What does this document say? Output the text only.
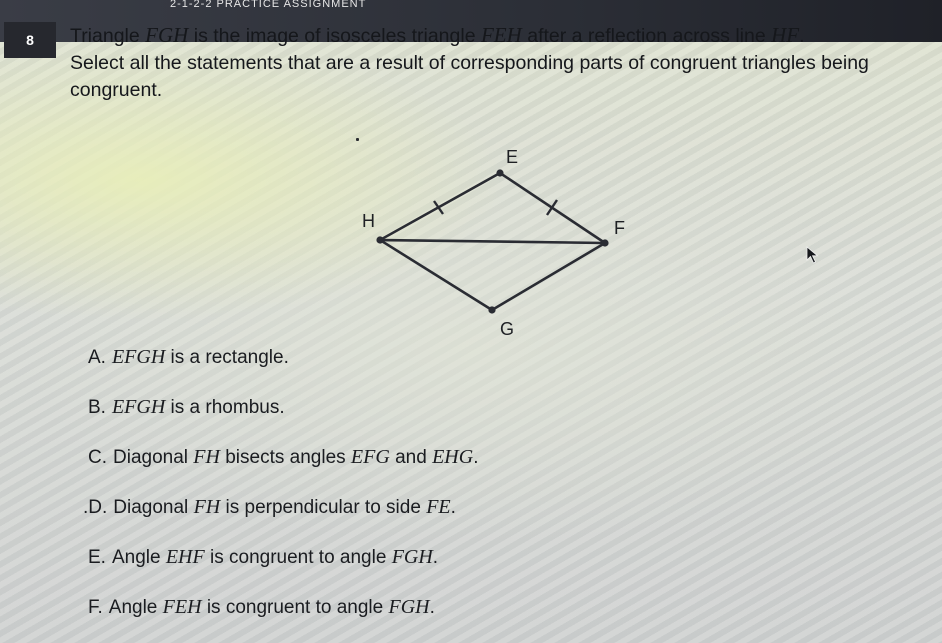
2-1-2-2 PRACTICE ASSIGNMENT
8	Triangle FGH is the image of isosceles triangle FEH after a reflection across line HF.
Select all the statements that are a result of corresponding parts of congruent triangles being
congruent.
E
H	F
G
A. EFGH is a rectangle.
B. EFGH is a rhombus.
C. Diagonal FH bisects angles EFG and EHG.
.D. Diagonal FH is perpendicular to side FE.
E. Angle EHF is congruent to angle FGH.
F. Angle FEH is congruent to angle FGH.
